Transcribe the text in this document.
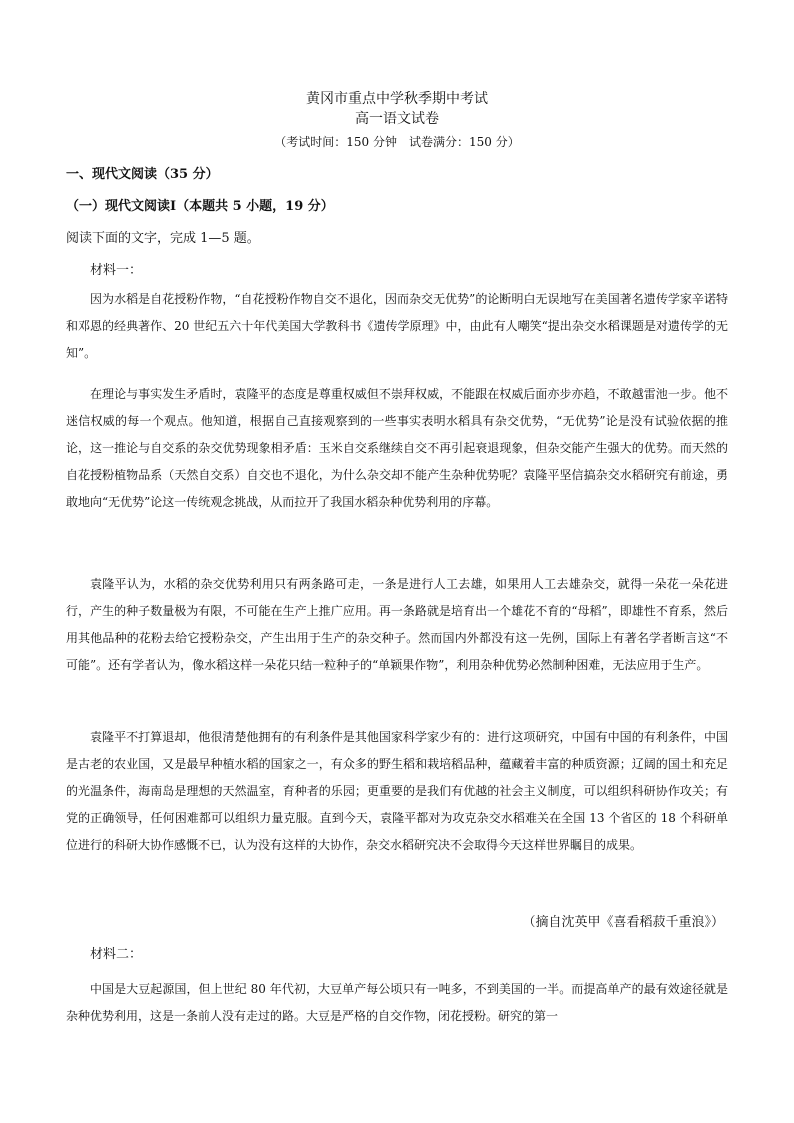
黄冈市重点中学秋季期中考试
高一语文试卷
（考试时间：150 分钟　试卷满分：150 分）
一、现代文阅读（35 分）
（一）现代文阅读Ⅰ（本题共 5 小题，19 分）
阅读下面的文字，完成 1—5 题。
材料一：

因为水稻是自花授粉作物，“自花授粉作物自交不退化，因而杂交无优势”的论断明白无误地写在美国著名遗传学家辛诺特和邓恩的经典著作、20 世纪五六十年代美国大学教科书《遗传学原理》中，由此有人嘲笑“提出杂交水稻课题是对遗传学的无知”。

在理论与事实发生矛盾时，袁隆平的态度是尊重权威但不崇拜权威，不能跟在权威后面亦步亦趋，不敢越雷池一步。他不迷信权威的每一个观点。他知道，根据自己直接观察到的一些事实表明水稻具有杂交优势，“无优势”论是没有试验依据的推论，这一推论与自交系的杂交优势现象相矛盾：玉米自交系继续自交不再引起衰退现象，但杂交能产生强大的优势。而天然的自花授粉植物品系（天然自交系）自交也不退化，为什么杂交却不能产生杂种优势呢？袁隆平坚信搞杂交水稻研究有前途，勇敢地向“无优势”论这一传统观念挑战，从而拉开了我国水稻杂种优势利用的序幕。

袁隆平认为，水稻的杂交优势利用只有两条路可走，一条是进行人工去雄，如果用人工去雄杂交，就得一朵花一朵花进行，产生的种子数量极为有限，不可能在生产上推广应用。再一条路就是培育出一个雄花不育的“母稻”，即雄性不育系，然后用其他品种的花粉去给它授粉杂交，产生出用于生产的杂交种子。然而国内外都没有这一先例，国际上有著名学者断言这“不可能”。还有学者认为，像水稻这样一朵花只结一粒种子的“单颖果作物”，利用杂种优势必然制种困难，无法应用于生产。

袁隆平不打算退却，他很清楚他拥有的有利条件是其他国家科学家少有的：进行这项研究，中国有中国的有利条件，中国是古老的农业国，又是最早种植水稻的国家之一，有众多的野生稻和栽培稻品种，蕴藏着丰富的种质资源；辽阔的国土和充足的光温条件，海南岛是理想的天然温室，育种者的乐园；更重要的是我们有优越的社会主义制度，可以组织科研协作攻关；有党的正确领导，任何困难都可以组织力量克服。直到今天，袁隆平都对为攻克杂交水稻难关在全国 13 个省区的 18 个科研单位进行的科研大协作感慨不已，认为没有这样的大协作，杂交水稻研究决不会取得今天这样世界瞩目的成果。

（摘自沈英甲《喜看稻菽千重浪》）
材料二：

中国是大豆起源国，但上世纪 80 年代初，大豆单产每公顷只有一吨多，不到美国的一半。而提高单产的最有效途径就是杂种优势利用，这是一条前人没有走过的路。大豆是严格的自交作物，闭花授粉。研究的第一
